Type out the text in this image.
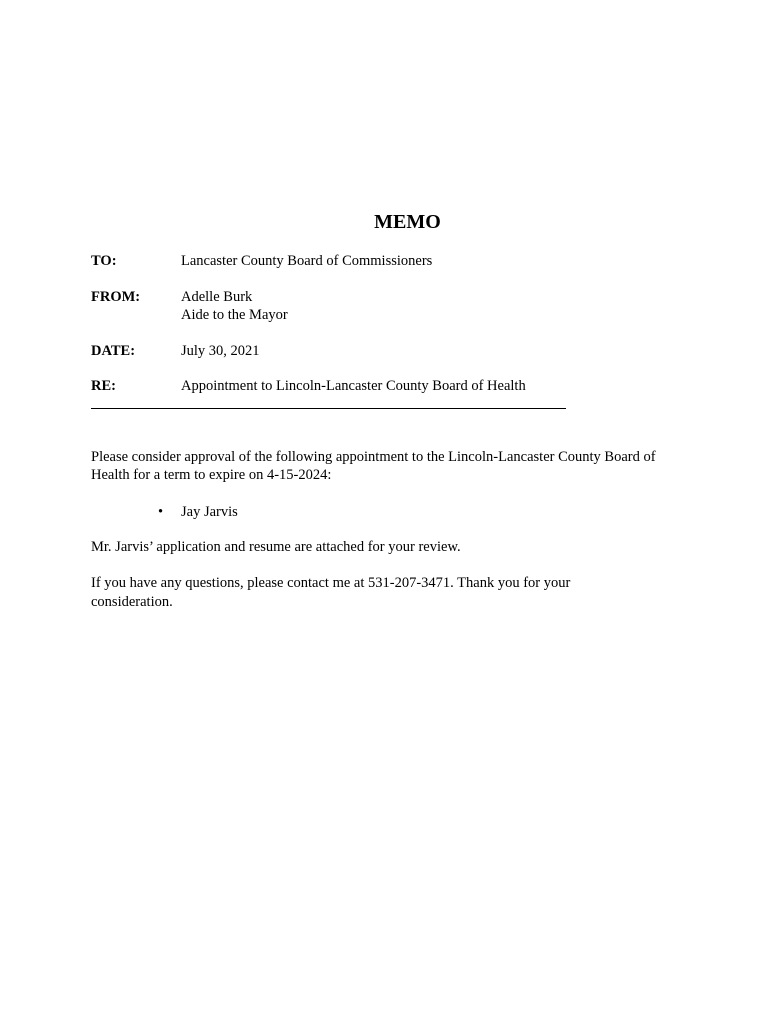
MEMO
TO:	Lancaster County Board of Commissioners
FROM:	Adelle Burk
Aide to the Mayor
DATE:	July 30, 2021
RE:	Appointment to Lincoln-Lancaster County Board of Health
Please consider approval of the following appointment to the Lincoln-Lancaster County Board of
Health for a term to expire on 4-15-2024:
• Jay Jarvis
Mr. Jarvis’ application and resume are attached for your review.
If you have any questions, please contact me at 531-207-3471. Thank you for your
consideration.
